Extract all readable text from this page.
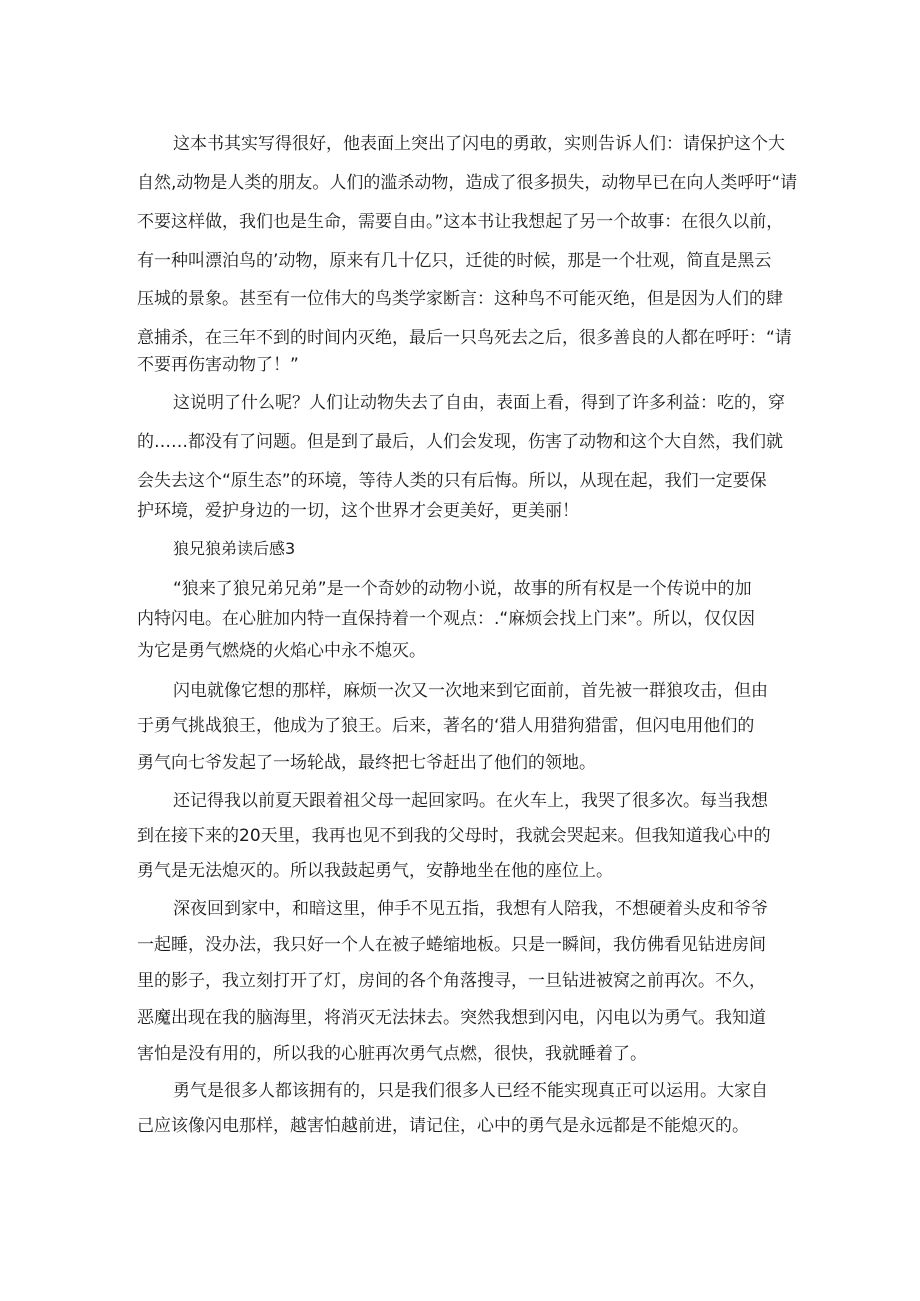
这本书其实写得很好，他表面上突出了闪电的勇敢，实则告诉人们：请保护这个大

自然,动物是人类的朋友。人们的滥杀动物，造成了很多损失，动物早已在向人类呼吁“请

不要这样做，我们也是生命，需要自由。”这本书让我想起了另一个故事：在很久以前，

有一种叫漂泊鸟的’动物，原来有几十亿只，迁徙的时候，那是一个壮观，简直是黑云

压城的景象。甚至有一位伟大的鸟类学家断言：这种鸟不可能灭绝，但是因为人们的肆

意捕杀，在三年不到的时间内灭绝，最后一只鸟死去之后，很多善良的人都在呼吁：“请

不要再伤害动物了！”

这说明了什么呢？人们让动物失去了自由，表面上看，得到了许多利益：吃的，穿

的……都没有了问题。但是到了最后，人们会发现，伤害了动物和这个大自然，我们就

会失去这个“原生态”的环境，等待人类的只有后悔。所以，从现在起，我们一定要保

护环境，爱护身边的一切，这个世界才会更美好，更美丽！

狼兄狼弟读后感3

“狼来了狼兄弟兄弟”是一个奇妙的动物小说，故事的所有权是一个传说中的加

内特闪电。在心脏加内特一直保持着一个观点：.“麻烦会找上门来”。所以，仅仅因

为它是勇气燃烧的火焰心中永不熄灭。

闪电就像它想的那样，麻烦一次又一次地来到它面前，首先被一群狼攻击，但由

于勇气挑战狼王，他成为了狼王。后来，著名的‘猎人用猎狗猎雷，但闪电用他们的

勇气向七爷发起了一场轮战，最终把七爷赶出了他们的领地。

还记得我以前夏天跟着祖父母一起回家吗。在火车上，我哭了很多次。每当我想

到在接下来的20天里，我再也见不到我的父母时，我就会哭起来。但我知道我心中的

勇气是无法熄灭的。所以我鼓起勇气，安静地坐在他的座位上。

深夜回到家中，和暗这里，伸手不见五指，我想有人陪我，不想硬着头皮和爷爷

一起睡，没办法，我只好一个人在被子蜷缩地板。只是一瞬间，我仿佛看见钻进房间

里的影子，我立刻打开了灯，房间的各个角落搜寻，一旦钻进被窝之前再次。不久，

恶魔出现在我的脑海里，将消灭无法抹去。突然我想到闪电，闪电以为勇气。我知道

害怕是没有用的，所以我的心脏再次勇气点燃，很快，我就睡着了。

勇气是很多人都该拥有的，只是我们很多人已经不能实现真正可以运用。大家自

己应该像闪电那样，越害怕越前进，请记住，心中的勇气是永远都是不能熄灭的。
